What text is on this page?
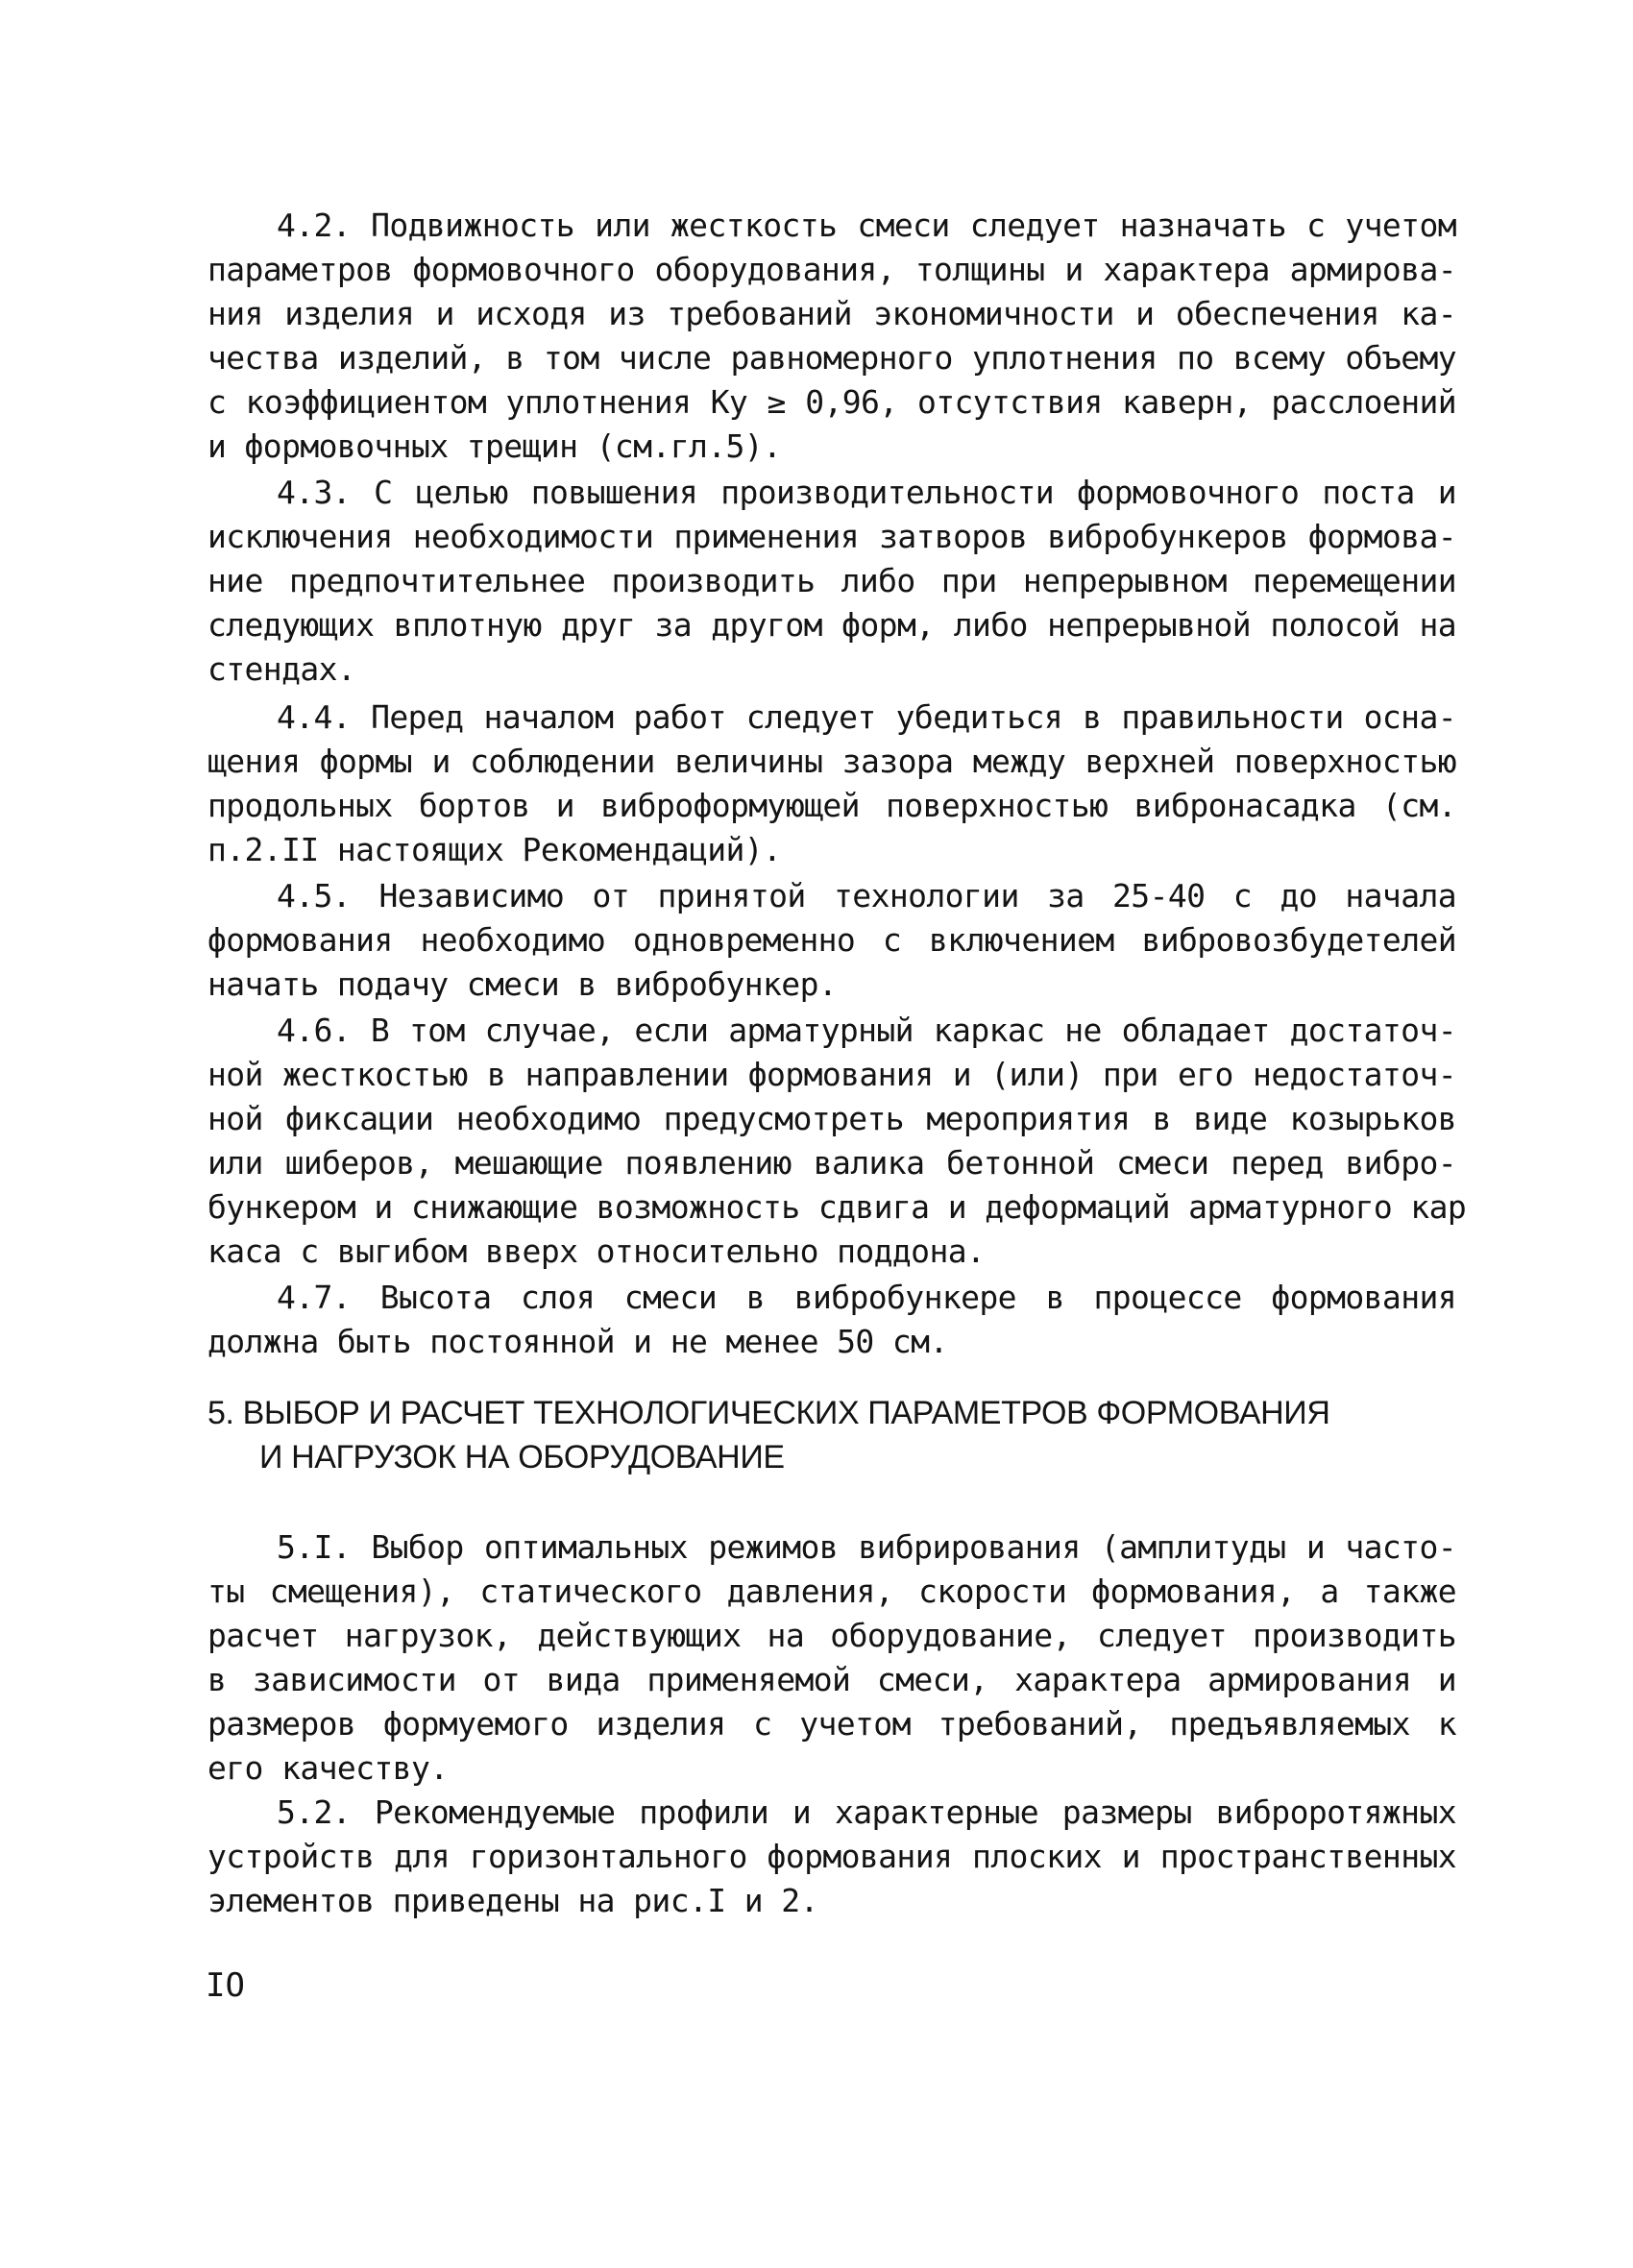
4.2. Подвижность или жесткость смеси следует назначать с учетом
параметров формовочного оборудования, толщины и характера армирова-
ния изделия и исходя из требований экономичности и обеспечения ка-
чества изделий, в том числе равномерного уплотнения по всему объему
с коэффициентом уплотнения Ку ≥ 0,96, отсутствия каверн, расслоений
и формовочных трещин (см.гл.5).
4.3. С целью повышения производительности формовочного поста и
исключения необходимости применения затворов вибробункеров формова-
ние предпочтительнее производить либо при непрерывном перемещении
следующих вплотную друг за другом форм, либо непрерывной полосой на
стендах.
4.4. Перед началом работ следует убедиться в правильности осна-
щения формы и соблюдении величины зазора между верхней поверхностью
продольных бортов и виброформующей поверхностью вибронасадка (см.
п.2.II настоящих Рекомендаций).
4.5. Независимо от принятой технологии за 25-40 с до начала
формования необходимо одновременно с включением вибровозбудетелей
начать подачу смеси в вибробункер.
4.6. В том случае, если арматурный каркас не обладает достаточ-
ной жесткостью в направлении формования и (или) при его недостаточ-
ной фиксации необходимо предусмотреть мероприятия в виде козырьков
или шиберов, мешающие появлению валика бетонной смеси перед вибро-
бункером и снижающие возможность сдвига и деформаций арматурного кар
каса с выгибом вверх относительно поддона.
4.7. Высота слоя смеси в вибробункере в процессе формования
должна быть постоянной и не менее 50 см.
5. ВЫБОР И РАСЧЕТ ТЕХНОЛОГИЧЕСКИХ ПАРАМЕТРОВ ФОРМОВАНИЯ
И НАГРУЗОК НА ОБОРУДОВАНИЕ
5.I. Выбор оптимальных режимов вибрирования (амплитуды и часто-
ты смещения), статического давления, скорости формования, а также
расчет нагрузок, действующих на оборудование, следует производить
в зависимости от вида применяемой смеси, характера армирования и
размеров формуемого изделия с учетом требований, предъявляемых к
его качеству.
5.2. Рекомендуемые профили и характерные размеры виброротяжных
устройств для горизонтального формования плоских и пространственных
элементов приведены на рис.I и 2.
IO
